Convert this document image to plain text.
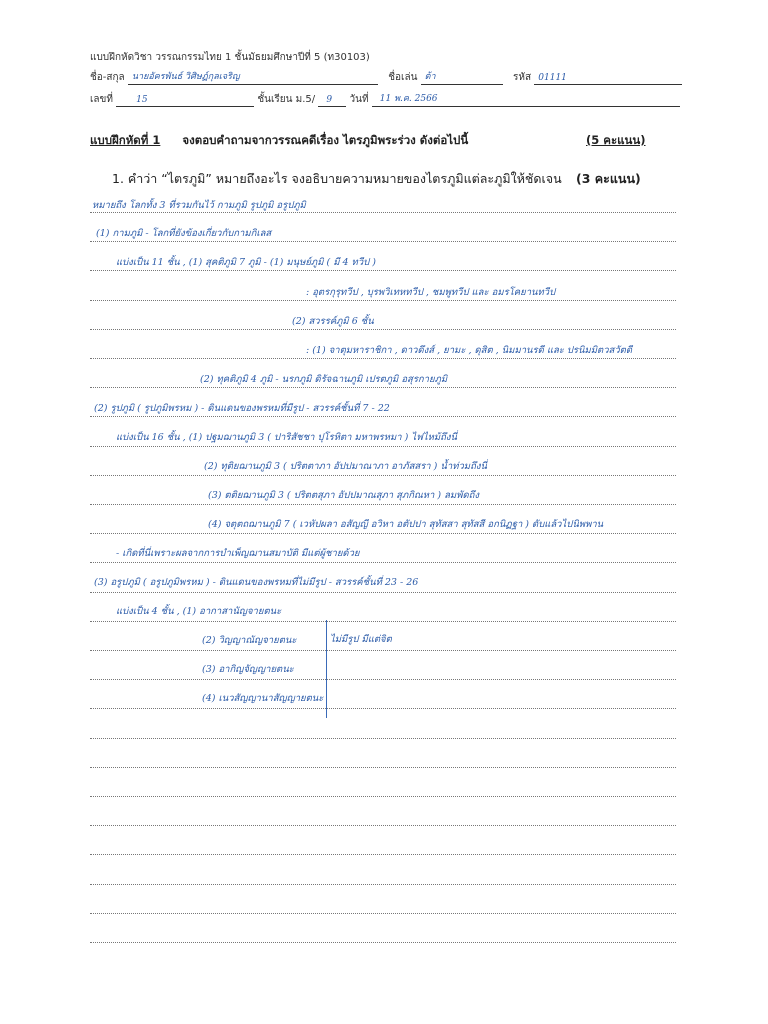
แบบฝึกหัดวิชา วรรณกรรมไทย 1 ชั้นมัธยมศึกษาปีที่ 5 (ท30103)
ชื่อ-สกุล นายอัครพันธ์ วิศิษฏ์กุลเจริญ	ชื่อเล่น ต้า	รหัส 01111
เลขที่	15	ชั้นเรียน ม.5/ 9 วันที่ 11 พ.ค. 2566
แบบฝึกหัดที่ 1 จงตอบคำถามจากวรรณคดีเรื่อง ไตรภูมิพระร่วง ดังต่อไปนี้	(5 คะแนน)
1. คำว่า “ไตรภูมิ” หมายถึงอะไร จงอธิบายความหมายของไตรภูมิแต่ละภูมิให้ชัดเจน (3 คะแนน)
หมายถึง โลกทั้ง 3 ที่รวมกันไว้ กามภูมิ รูปภูมิ อรูปภูมิ
(1) กามภูมิ - โลกที่ยังข้องเกี่ยวกับกามกิเลส
แบ่งเป็น 11 ชั้น , (1) สุคติภูมิ 7 ภูมิ - (1) มนุษย์ภูมิ ( มี 4 ทวีป )
: อุตรกุรุทวีป , บุรพวิเทหทวีป , ชมพูทวีป และ อมรโคยานทวีป
(2) สวรรค์ภูมิ 6 ชั้น
: (1) จาตุมหาราชิกา , ดาวดึงส์ , ยามะ , ดุสิต , นิมมานรดี และ ปรนิมมิตวสวัตดี
(2) ทุคติภูมิ 4 ภูมิ - นรกภูมิ ดิรัจฉานภูมิ เปรตภูมิ อสุรกายภูมิ
(2) รูปภูมิ ( รูปภูมิพรหม ) - ดินแดนของพรหมที่มีรูป - สวรรค์ชั้นที่ 7 - 22
แบ่งเป็น 16 ชั้น , (1) ปฐมฌานภูมิ 3 ( ปาริสัชชา ปุโรหิตา มหาพรหมา ) ไฟไหม้ถึงนี่
(2) ทุติยฌานภูมิ 3 ( ปริตตาภา อัปปมาณาภา อาภัสสรา ) น้ำท่วมถึงนี่
(3) ตติยฌานภูมิ 3 ( ปริตตสุภา อัปปมาณสุภา สุภกิณหา ) ลมพัดถึง
(4) จตุตถฌานภูมิ 7 ( เวหัปผลา อสัญญี อวิหา อตัปปา สุทัสสา สุทัสสี อกนิฏฐา ) ดับแล้วไปนิพพาน
- เกิดที่นี่เพราะผลจากการบำเพ็ญฌานสมาบัติ มีแต่ผู้ชายด้วย
(3) อรูปภูมิ ( อรูปภูมิพรหม ) - ดินแดนของพรหมที่ไม่มีรูป - สวรรค์ชั้นที่ 23 - 26
แบ่งเป็น 4 ชั้น , (1) อากาสานัญจายตนะ
(2) วิญญาณัญจายตนะ
(3) อากิญจัญญายตนะ
(4) เนวสัญญานาสัญญายตนะ
ไม่มีรูป มีแต่จิต
